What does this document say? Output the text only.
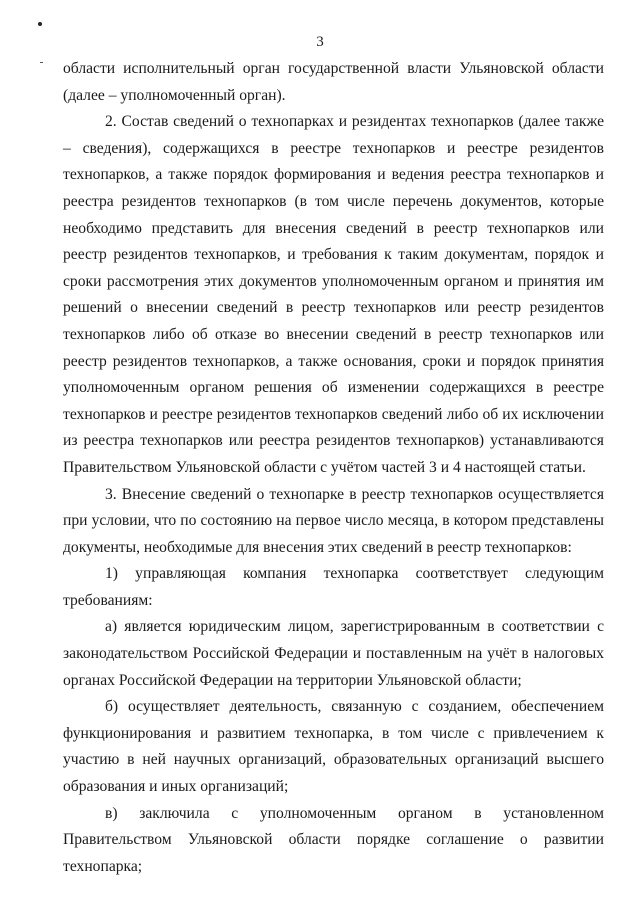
3

области исполнительный орган государственной власти Ульяновской области (далее – уполномоченный орган).

2. Состав сведений о технопарках и резидентах технопарков (далее также – сведения), содержащихся в реестре технопарков и реестре резидентов технопарков, а также порядок формирования и ведения реестра технопарков и реестра резидентов технопарков (в том числе перечень документов, которые необходимо представить для внесения сведений в реестр технопарков или реестр резидентов технопарков, и требования к таким документам, порядок и сроки рассмотрения этих документов уполномоченным органом и принятия им решений о внесении сведений в реестр технопарков или реестр резидентов технопарков либо об отказе во внесении сведений в реестр технопарков или реестр резидентов технопарков, а также основания, сроки и порядок принятия уполномоченным органом решения об изменении содержащихся в реестре технопарков и реестре резидентов технопарков сведений либо об их исключении из реестра технопарков или реестра резидентов технопарков) устанавливаются Правительством Ульяновской области с учётом частей 3 и 4 настоящей статьи.

3. Внесение сведений о технопарке в реестр технопарков осуществляется при условии, что по состоянию на первое число месяца, в котором представлены документы, необходимые для внесения этих сведений в реестр технопарков:

1) управляющая компания технопарка соответствует следующим требованиям:

а) является юридическим лицом, зарегистрированным в соответствии с законодательством Российской Федерации и поставленным на учёт в налоговых органах Российской Федерации на территории Ульяновской области;

б) осуществляет деятельность, связанную с созданием, обеспечением функционирования и развитием технопарка, в том числе с привлечением к участию в ней научных организаций, образовательных организаций высшего образования и иных организаций;

в) заключила с уполномоченным органом в установленном Правительством Ульяновской области порядке соглашение о развитии технопарка;
